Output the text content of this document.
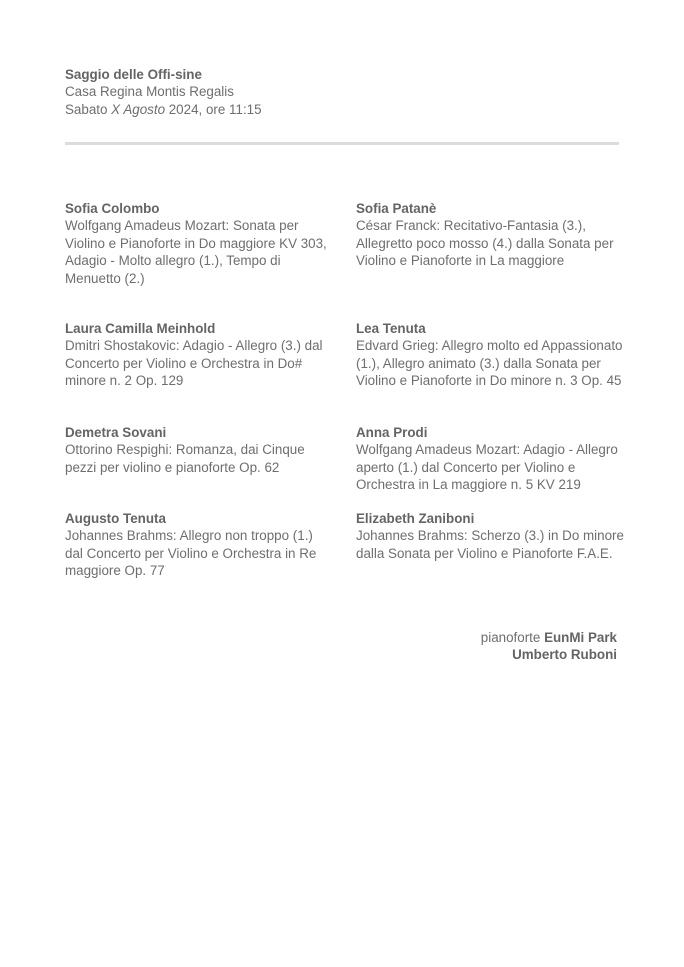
Saggio delle Offi-sine
Casa Regina Montis Regalis
Sabato X Agosto 2024, ore 11:15
Sofia Colombo
Wolfgang Amadeus Mozart: Sonata per Violino e Pianoforte in Do maggiore KV 303, Adagio - Molto allegro (1.), Tempo di Menuetto (2.)
Laura Camilla Meinhold
Dmitri Shostakovic: Adagio - Allegro (3.) dal Concerto per Violino e Orchestra in Do# minore n. 2 Op. 129
Demetra Sovani
Ottorino Respighi: Romanza, dai Cinque pezzi per violino e pianoforte Op. 62
Augusto Tenuta
Johannes Brahms: Allegro non troppo (1.) dal Concerto per Violino e Orchestra in Re maggiore Op. 77
Sofia Patanè
César Franck: Recitativo-Fantasia (3.), Allegretto poco mosso (4.) dalla Sonata per Violino e Pianoforte in La maggiore
Lea Tenuta
Edvard Grieg: Allegro molto ed Appassionato (1.), Allegro animato (3.) dalla Sonata per Violino e Pianoforte in Do minore n. 3 Op. 45
Anna Prodi
Wolfgang Amadeus Mozart: Adagio - Allegro aperto (1.) dal Concerto per Violino e Orchestra in La maggiore n. 5 KV 219
Elizabeth Zaniboni
Johannes Brahms: Scherzo (3.) in Do minore dalla Sonata per Violino e Pianoforte F.A.E.
pianoforte EunMi Park
Umberto Ruboni
